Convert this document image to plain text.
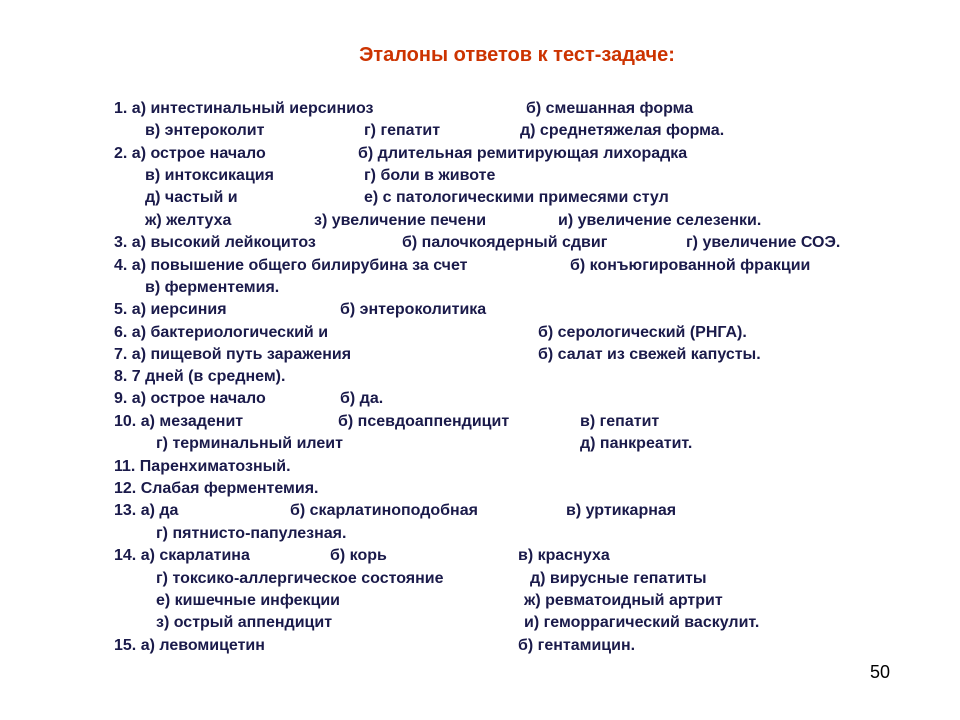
Эталоны ответов к тест-задаче:
1. а) интестинальный иерсиниоз	б) смешанная форма
в) энтероколит	г) гепатит	д) среднетяжелая форма.
2. а) острое начало	б) длительная ремитирующая лихорадка
в) интоксикация	г) боли в животе
д) частый и	е) с патологическими примесями стул
ж) желтуха	з) увеличение печени	и) увеличение селезенки.
3. а) высокий лейкоцитоз	б) палочкоядерный сдвиг	г) увеличение СОЭ.
4. а) повышение общего билирубина за счет	б) конъюгированной фракции
в) ферментемия.
5. а) иерсиния	б) энтероколитика
6. а) бактериологический и	б) серологический (РНГА).
7. а) пищевой путь заражения	б) салат из свежей капусты.
8. 7 дней (в среднем).
9. а) острое начало	б) да.
10. а) мезаденит	б) псевдоаппендицит	в) гепатит
г) терминальный илеит	д) панкреатит.
11. Паренхиматозный.
12. Слабая ферментемия.
13. а) да	б) скарлатиноподобная	в) уртикарная
г) пятнисто-папулезная.
14. а) скарлатина	б) корь	в) краснуха
г) токсико-аллергическое состояние	д) вирусные гепатиты
е) кишечные инфекции	ж) ревматоидный артрит
з) острый аппендицит	и) геморрагический васкулит.
15. а) левомицетин	б) гентамицин.
50
